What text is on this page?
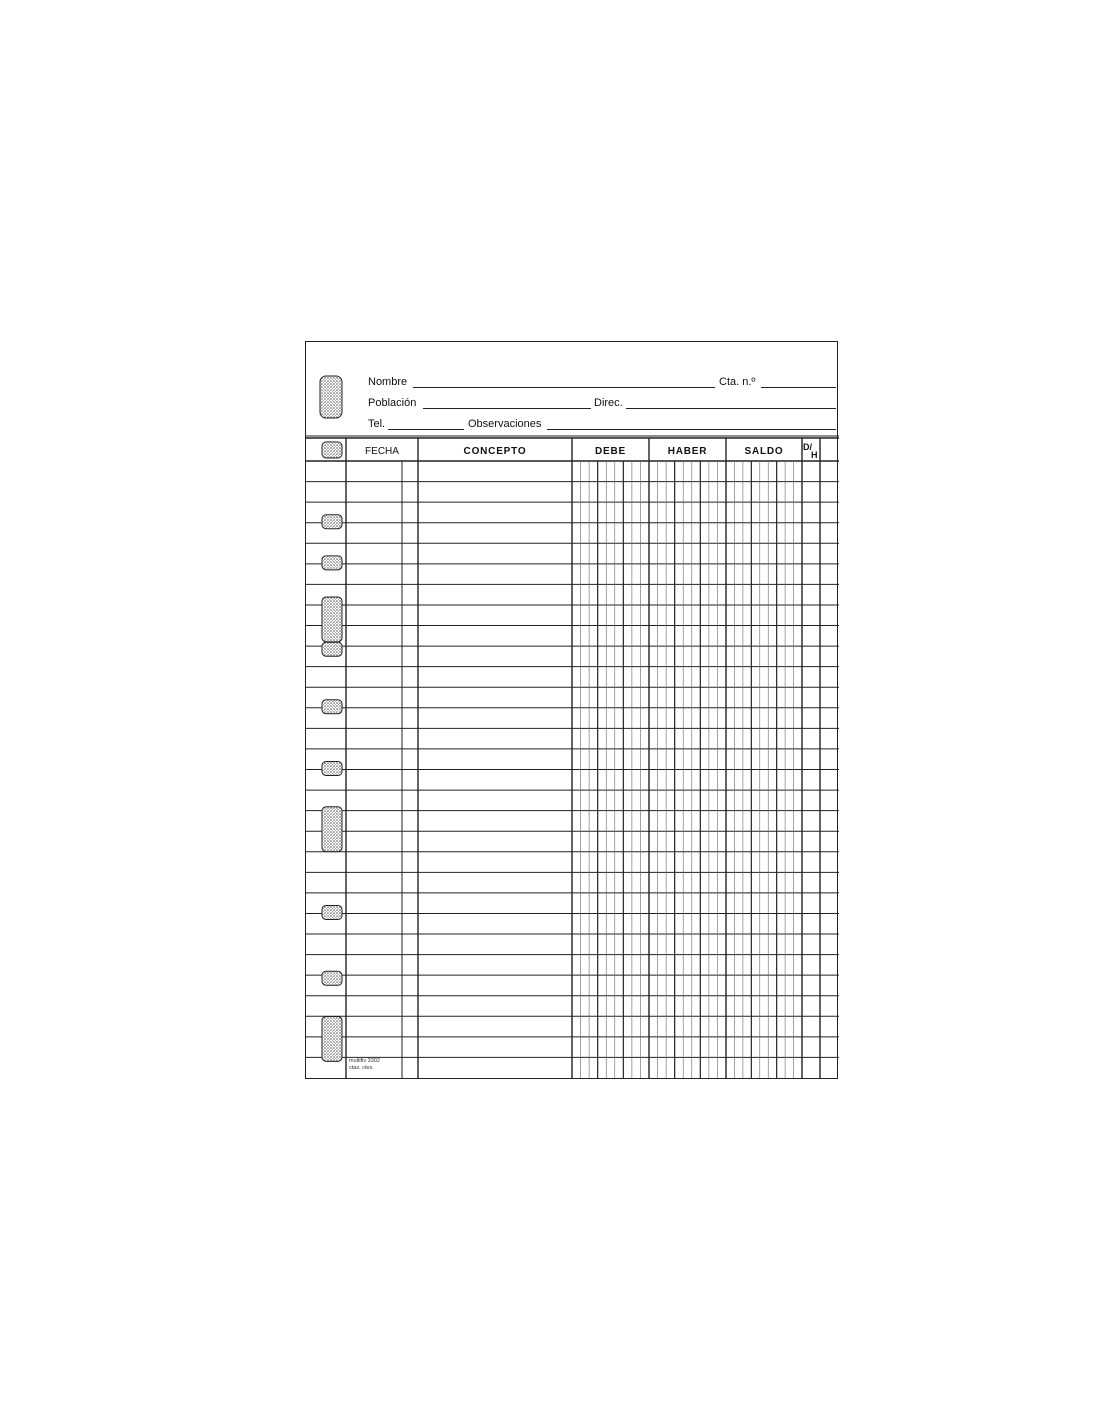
Nombre	Cta. n.º
Población	Direc.
Tel.	Observaciones
FECHA	CONCEPTO	DEBE	HABER	SALDO	D/
H
multifiv 3302
ctas. ctes.
